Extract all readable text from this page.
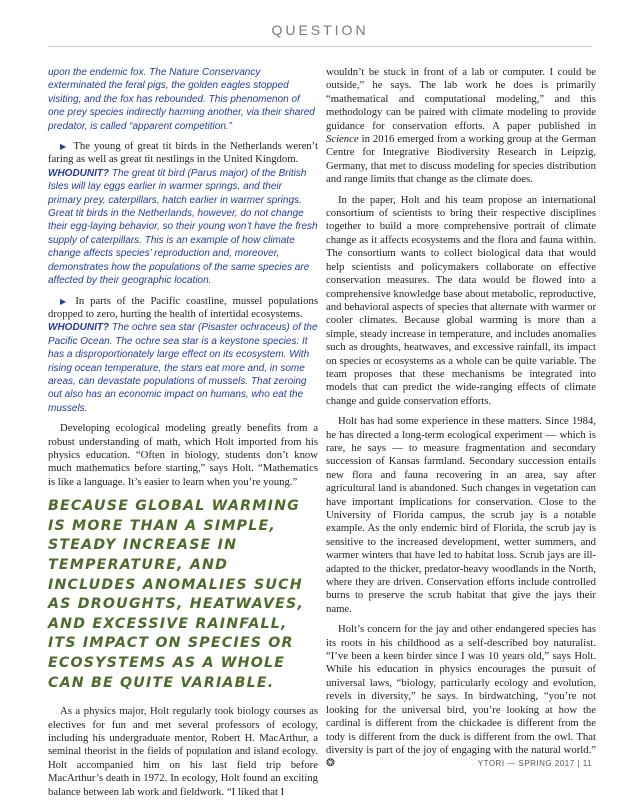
QUESTION

upon the endemic fox. The Nature Conservancy exterminated the feral pigs, the golden eagles stopped visiting, and the fox has rebounded. This phenomenon of one prey species indirectly harming another, via their shared predator, is called “apparent competition.”

▶ The young of great tit birds in the Netherlands weren’t faring as well as great tit nestlings in the United Kingdom.
WHODUNIT? The great tit bird (Parus major) of the British Isles will lay eggs earlier in warmer springs, and their primary prey, caterpillars, hatch earlier in warmer springs. Great tit birds in the Netherlands, however, do not change their egg-laying behavior, so their young won’t have the fresh supply of caterpillars. This is an example of how climate change affects species’ reproduction and, moreover, demonstrates how the populations of the same species are affected by their geographic location.

▶ In parts of the Pacific coastline, mussel populations dropped to zero, hurting the health of intertidal ecosystems.
WHODUNIT? The ochre sea star (Pisaster ochraceus) of the Pacific Ocean. The ochre sea star is a keystone species: It has a disproportionately large effect on its ecosystem. With rising ocean temperature, the stars eat more and, in some areas, can devastate populations of mussels. That zeroing out also has an economic impact on humans, who eat the mussels.

Developing ecological modeling greatly benefits from a robust understanding of math, which Holt imported from his physics education. “Often in biology, students don’t know much mathematics before starting,” says Holt. “Mathematics is like a language. It’s easier to learn when you’re young.”

BECAUSE GLOBAL WARMING IS MORE THAN A SIMPLE, STEADY INCREASE IN TEMPERATURE, AND INCLUDES ANOMALIES SUCH AS DROUGHTS, HEATWAVES, AND EXCESSIVE RAINFALL, ITS IMPACT ON SPECIES OR ECOSYSTEMS AS A WHOLE CAN BE QUITE VARIABLE.

As a physics major, Holt regularly took biology courses as electives for fun and met several professors of ecology, including his undergraduate mentor, Robert H. MacArthur, a seminal theorist in the fields of population and island ecology. Holt accompanied him on his last field trip before MacArthur’s death in 1972. In ecology, Holt found an exciting balance between lab work and fieldwork. “I liked that I

wouldn’t be stuck in front of a lab or computer. I could be outside,” he says. The lab work he does is primarily “mathematical and computational modeling,” and this methodology can be paired with climate modeling to provide guidance for conservation efforts. A paper published in Science in 2016 emerged from a working group at the German Centre for Integrative Biodiversity Research in Leipzig, Germany, that met to discuss modeling for species distribution and range limits that change as the climate does.

In the paper, Holt and his team propose an international consortium of scientists to bring their respective disciplines together to build a more comprehensive portrait of climate change as it affects ecosystems and the flora and fauna within. The consortium wants to collect biological data that would help scientists and policymakers collaborate on effective conservation measures. The data would be flowed into a comprehensive knowledge base about metabolic, reproductive, and behavioral aspects of species that alternate with warmer or cooler climates. Because global warming is more than a simple, steady increase in temperature, and includes anomalies such as droughts, heatwaves, and excessive rainfall, its impact on species or ecosystems as a whole can be quite variable. The team proposes that these mechanisms be integrated into models that can predict the wide-ranging effects of climate change and guide conservation efforts.

Holt has had some experience in these matters. Since 1984, he has directed a long-term ecological experiment — which is rare, he says — to measure fragmentation and secondary succession of Kansas farmland. Secondary succession entails new flora and fauna recovering in an area, say after agricultural land is abandoned. Such changes in vegetation can have important implications for conservation. Close to the University of Florida campus, the scrub jay is a notable example. As the only endemic bird of Florida, the scrub jay is sensitive to the increased development, wetter summers, and warmer winters that have led to habitat loss. Scrub jays are ill-adapted to the thicker, predator-heavy woodlands in the North, where they are driven. Conservation efforts include controlled burns to preserve the scrub habitat that give the jays their name.

Holt’s concern for the jay and other endangered species has its roots in his childhood as a self-described boy naturalist. “I’ve been a keen birder since I was 10 years old,” says Holt. While his education in physics encourages the pursuit of universal laws, “biology, particularly ecology and evolution, revels in diversity,” he says. In birdwatching, “you’re not looking for the universal bird, you’re looking at how the cardinal is different from the chickadee is different from the tody is different from the duck is different from the owl. That diversity is part of the joy of engaging with the natural world.” ❂	YTORI — SPRING 2017 | 11
